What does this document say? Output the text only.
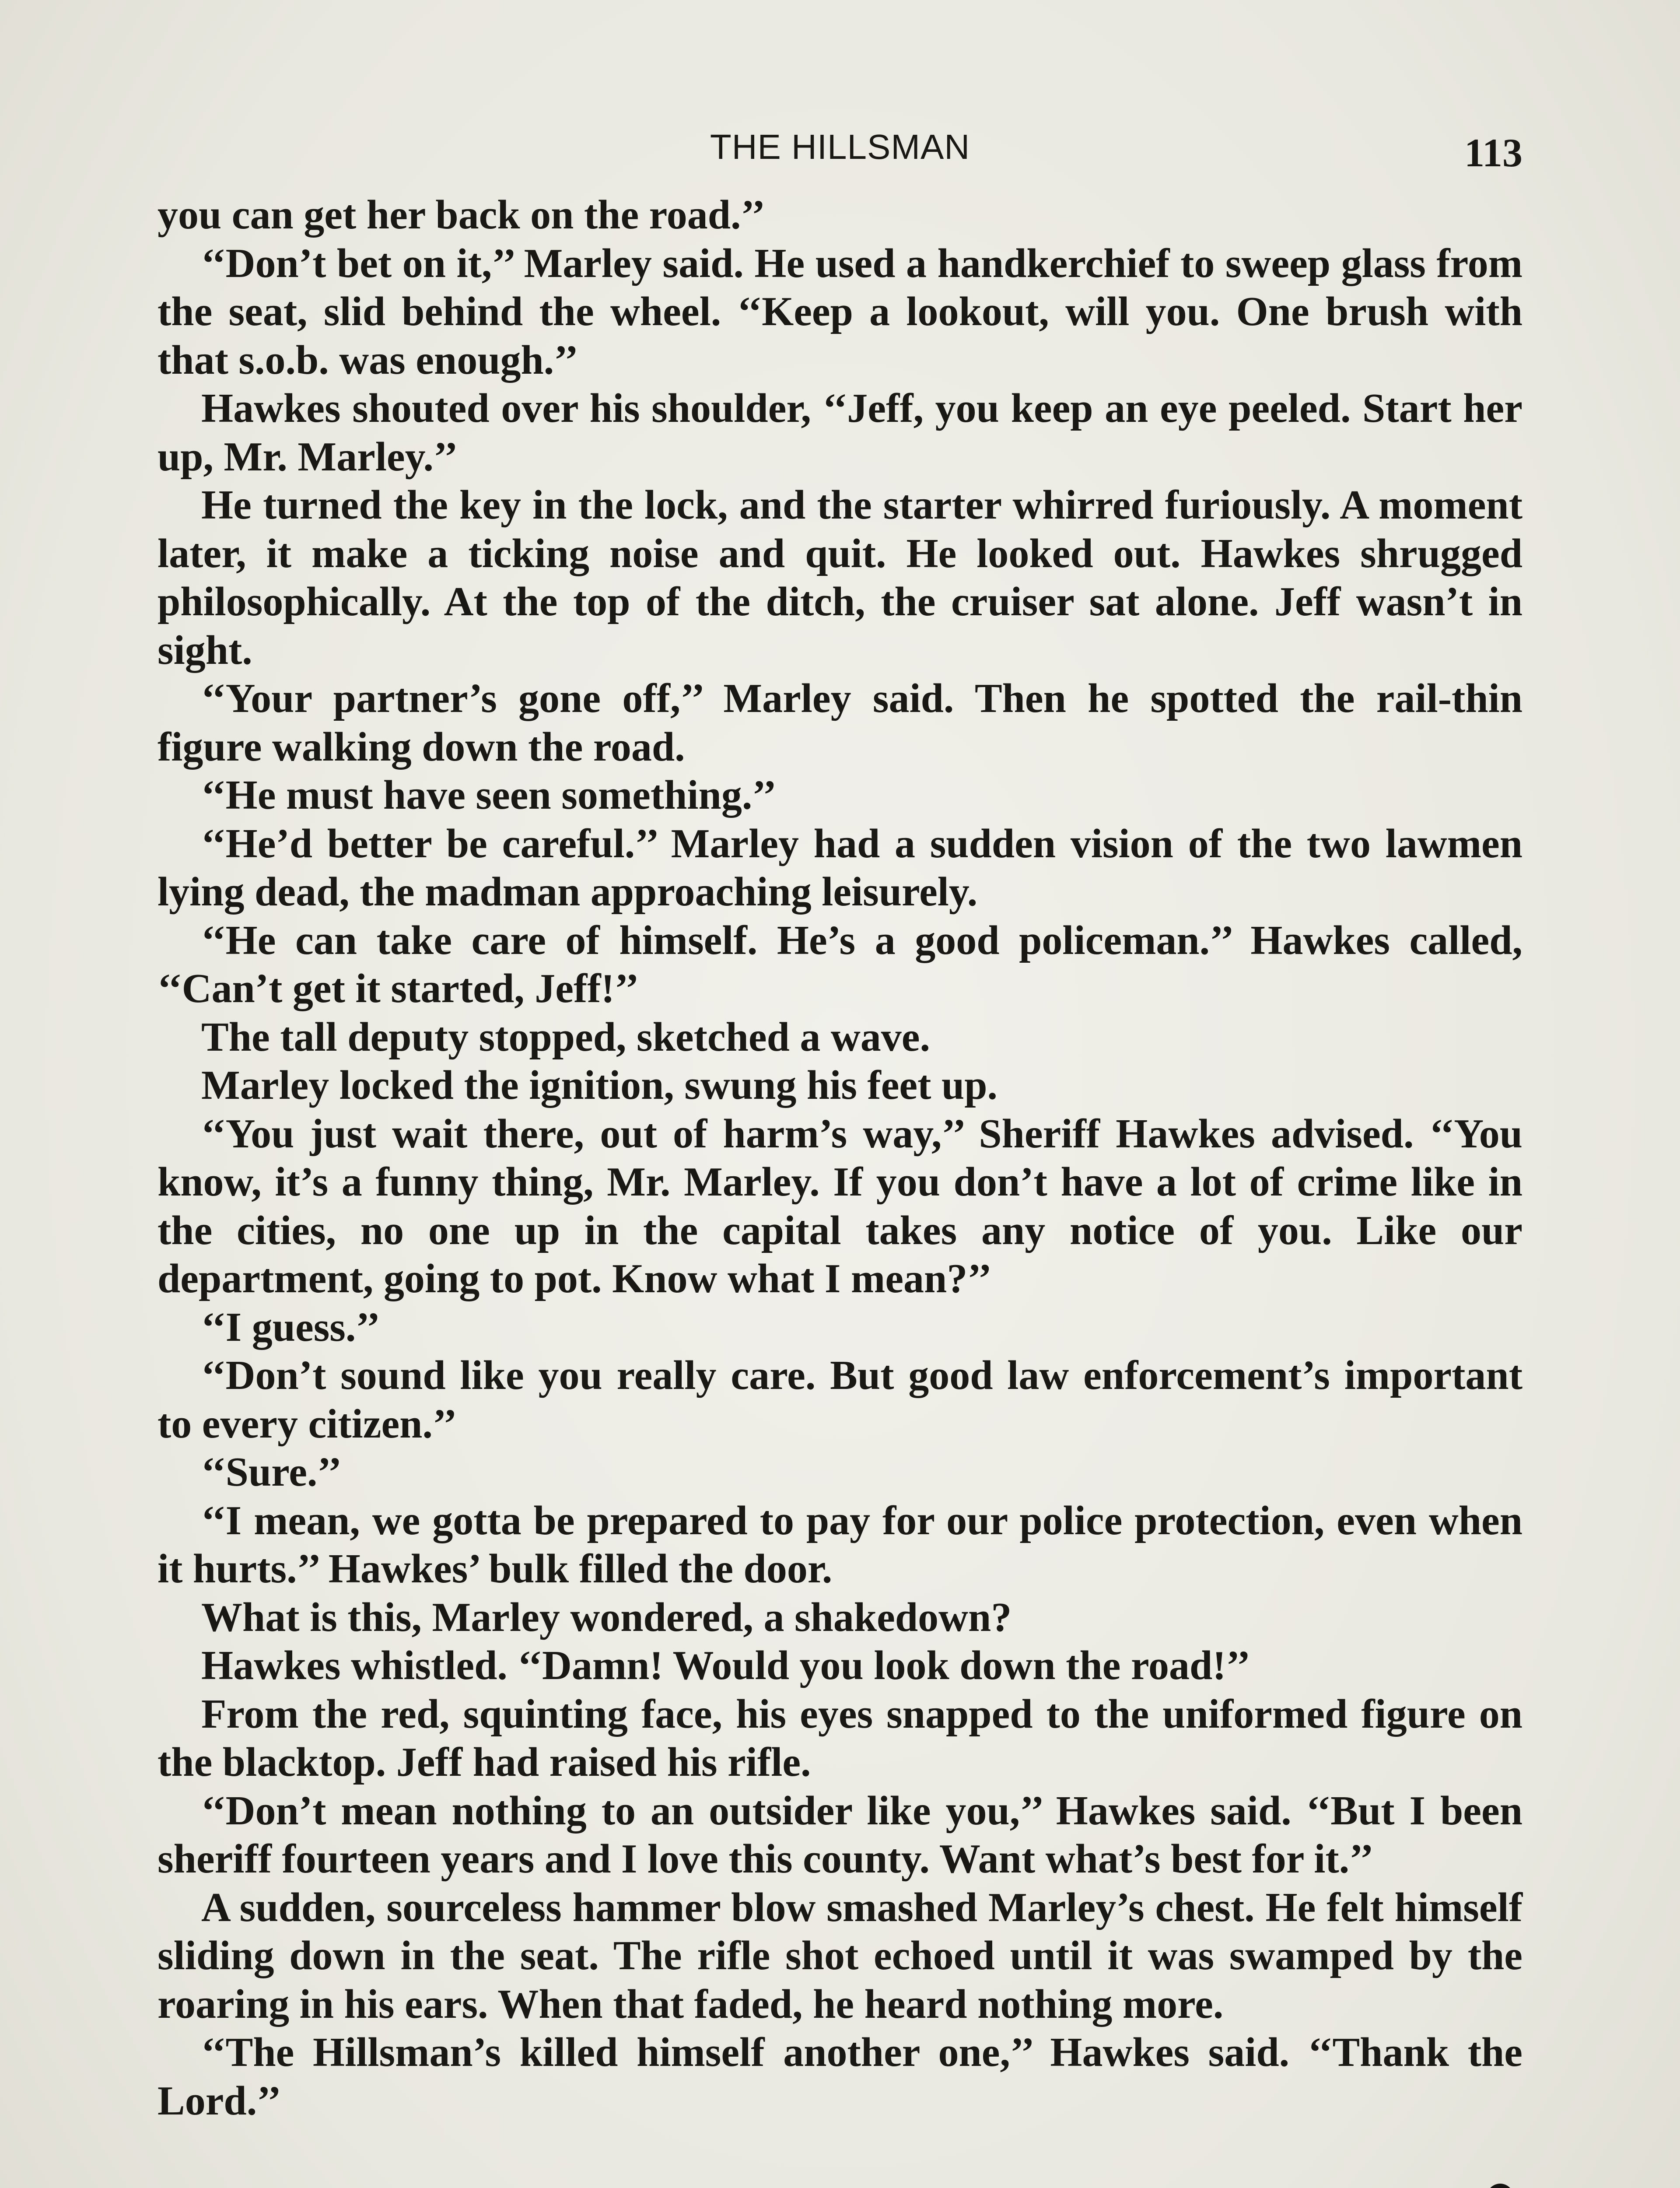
THE HILLSMAN	113

you can get her back on the road.’’

‘‘Don’t bet on it,’’ Marley said. He used a handkerchief to sweep glass from the seat, slid behind the wheel. ‘‘Keep a lookout, will you. One brush with that s.o.b. was enough.’’

Hawkes shouted over his shoulder, ‘‘Jeff, you keep an eye peeled. Start her up, Mr. Marley.’’

He turned the key in the lock, and the starter whirred furiously. A moment later, it make a ticking noise and quit. He looked out. Hawkes shrugged philosophically. At the top of the ditch, the cruiser sat alone. Jeff wasn’t in sight.

‘‘Your partner’s gone off,’’ Marley said. Then he spotted the rail-thin figure walking down the road.

‘‘He must have seen something.’’

‘‘He’d better be careful.’’ Marley had a sudden vision of the two lawmen lying dead, the madman approaching leisurely.

‘‘He can take care of himself. He’s a good policeman.’’ Hawkes called, ‘‘Can’t get it started, Jeff!’’

The tall deputy stopped, sketched a wave.

Marley locked the ignition, swung his feet up.

‘‘You just wait there, out of harm’s way,’’ Sheriff Hawkes advised. ‘‘You know, it’s a funny thing, Mr. Marley. If you don’t have a lot of crime like in the cities, no one up in the capital takes any notice of you. Like our department, going to pot. Know what I mean?’’

‘‘I guess.’’

‘‘Don’t sound like you really care. But good law enforcement’s important to every citizen.’’

‘‘Sure.’’

‘‘I mean, we gotta be prepared to pay for our police protection, even when it hurts.’’ Hawkes’ bulk filled the door.

What is this, Marley wondered, a shakedown?

Hawkes whistled. ‘‘Damn! Would you look down the road!’’

From the red, squinting face, his eyes snapped to the uniformed figure on the blacktop. Jeff had raised his rifle.

‘‘Don’t mean nothing to an outsider like you,’’ Hawkes said. ‘‘But I been sheriff fourteen years and I love this county. Want what’s best for it.’’

A sudden, sourceless hammer blow smashed Marley’s chest. He felt himself sliding down in the seat. The rifle shot echoed until it was swamped by the roaring in his ears. When that faded, he heard nothing more.

‘‘The Hillsman’s killed himself another one,’’ Hawkes said. ‘‘Thank the Lord.’’
